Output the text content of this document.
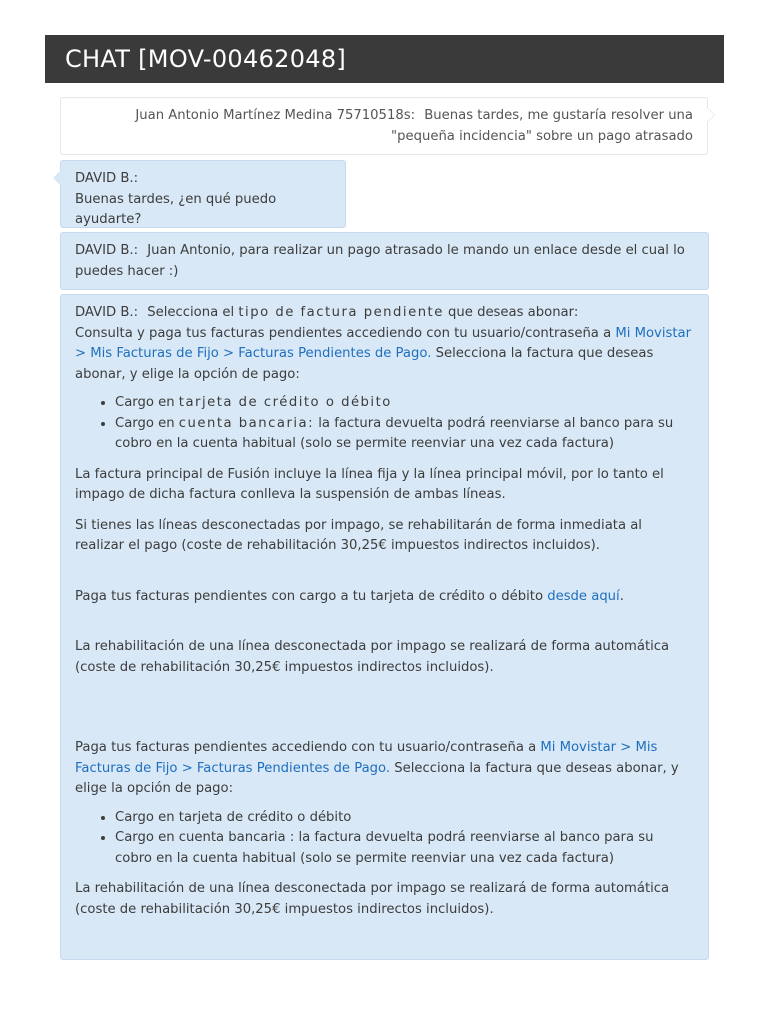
CHAT [MOV-00462048]
Juan Antonio Martínez Medina 75710518s: Buenas tardes, me gustaría resolver una "pequeña incidencia" sobre un pago atrasado

DAVID B.:

Buenas tardes, ¿en qué puedo ayudarte?

DAVID B.: Juan Antonio, para realizar un pago atrasado le mando un enlace desde el cual lo puedes hacer :)

DAVID B.: Selecciona el tipo de factura pendiente que deseas abonar:

Consulta y paga tus facturas pendientes accediendo con tu usuario/contraseña a Mi Movistar > Mis Facturas de Fijo > Facturas Pendientes de Pago. Selecciona la factura que deseas abonar, y elige la opción de pago:

• Cargo en tarjeta de crédito o débito
• Cargo en cuenta bancaria: la factura devuelta podrá reenviarse al banco para su cobro en la cuenta habitual (solo se permite reenviar una vez cada factura)

La factura principal de Fusión incluye la línea fija y la línea principal móvil, por lo tanto el impago de dicha factura conlleva la suspensión de ambas líneas.

Si tienes las líneas desconectadas por impago, se rehabilitarán de forma inmediata al realizar el pago (coste de rehabilitación 30,25€ impuestos indirectos incluidos).

Paga tus facturas pendientes con cargo a tu tarjeta de crédito o débito desde aquí.

La rehabilitación de una línea desconectada por impago se realizará de forma automática (coste de rehabilitación 30,25€ impuestos indirectos incluidos).

Paga tus facturas pendientes accediendo con tu usuario/contraseña a Mi Movistar > Mis Facturas de Fijo > Facturas Pendientes de Pago. Selecciona la factura que deseas abonar, y elige la opción de pago:

• Cargo en tarjeta de crédito o débito
• Cargo en cuenta bancaria : la factura devuelta podrá reenviarse al banco para su cobro en la cuenta habitual (solo se permite reenviar una vez cada factura)

La rehabilitación de una línea desconectada por impago se realizará de forma automática (coste de rehabilitación 30,25€ impuestos indirectos incluidos).
